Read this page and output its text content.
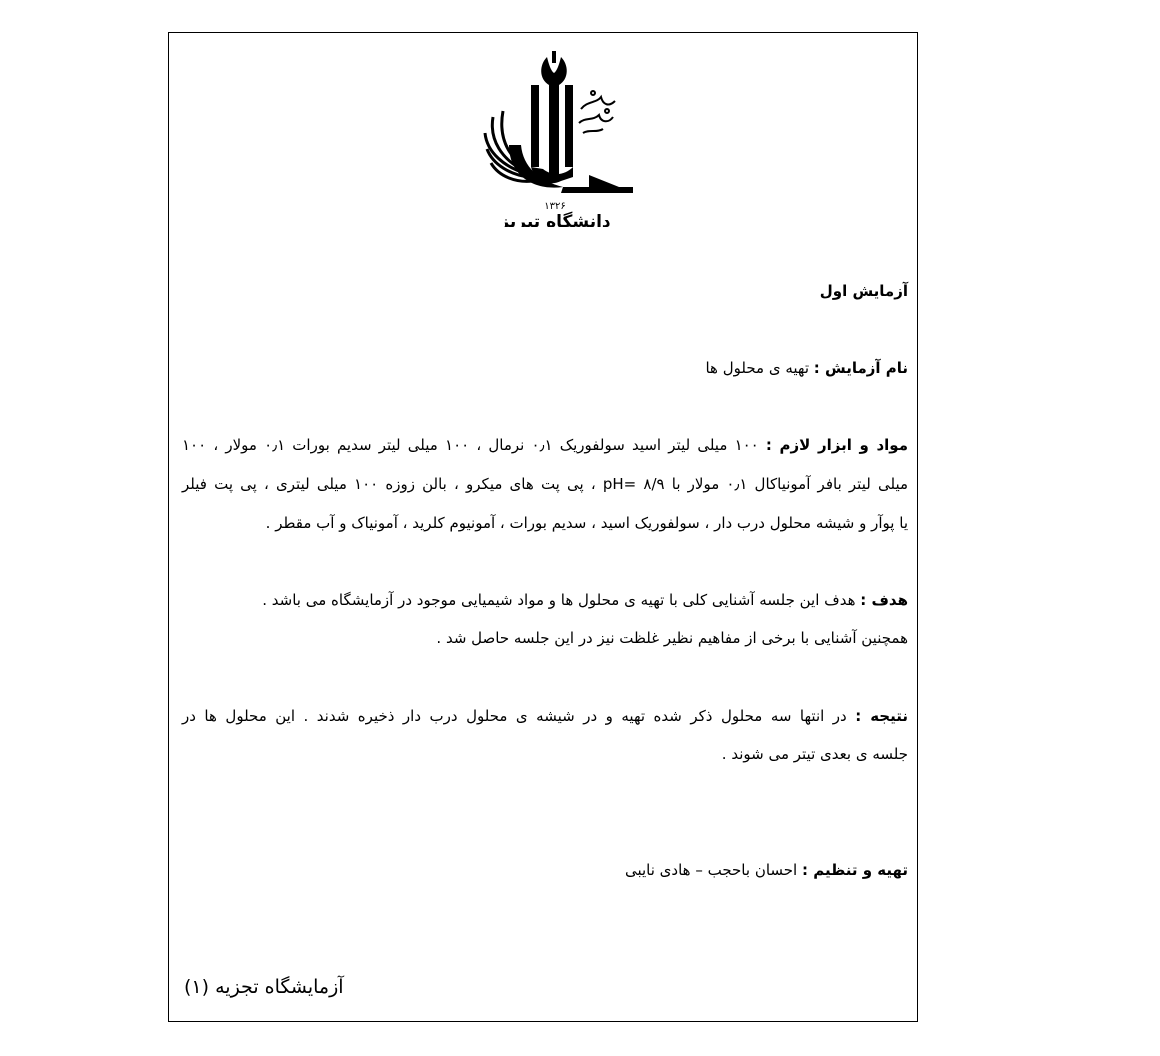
۱۳۲۶
دانشگاه تبریز
آزمایش اول
نام آزمایش : تهیه ی محلول ها
مواد و ابزار لازم : ۱۰۰ میلی لیتر اسید سولفوریک ۰٫۱ نرمال ، ۱۰۰ میلی لیتر سدیم بورات ۰٫۱ مولار ، ۱۰۰
میلی لیتر بافر آمونیاکال ۰٫۱ مولار با pH= ۸/۹ ، پی پت های میکرو ، بالن زوزه ۱۰۰ میلی لیتری ، پی پت فیلر
یا پوآر و شیشه محلول درب دار ، سولفوریک اسید ، سدیم بورات ، آمونیوم کلرید ، آمونیاک و آب مقطر .
هدف : هدف این جلسه آشنایی کلی با تهیه ی محلول ها و مواد شیمیایی موجود در آزمایشگاه می باشد .
همچنین آشنایی با برخی از مفاهیم نظیر غلظت نیز در این جلسه حاصل شد .
نتیجه : در انتها سه محلول ذکر شده تهیه و در شیشه ی محلول درب دار ذخیره شدند . این محلول ها در
جلسه ی بعدی تیتر می شوند .
تهیه و تنظیم : احسان باحجب – هادی نایبی
آزمایشگاه تجزیه (۱)
